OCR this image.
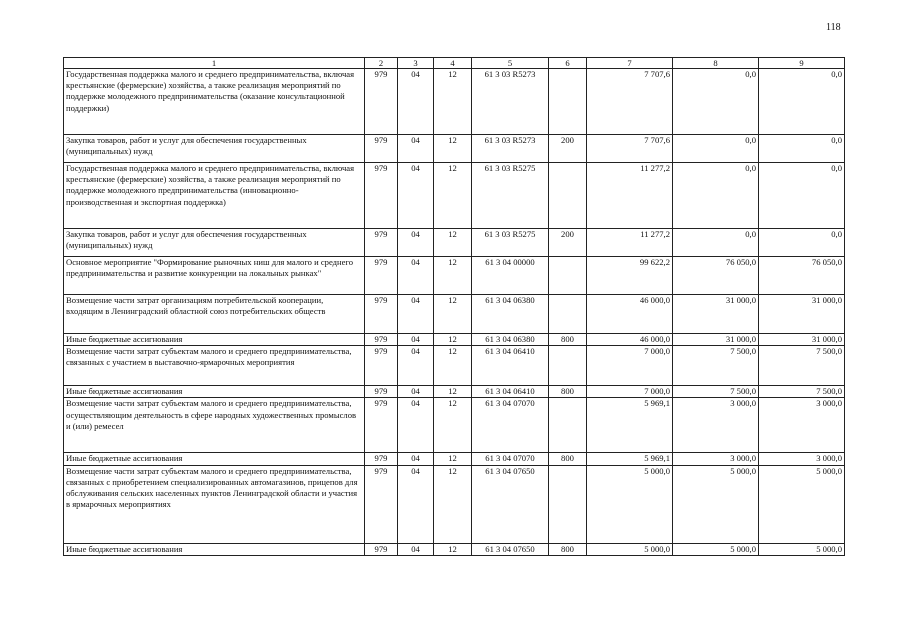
118
1	2	3	4	5	6	7	8	9
Государственная поддержка малого и среднего предпринимательства, включая крестьянские (фермерские) хозяйства, а также реализация мероприятий по поддержке молодежного предпринимательства (оказание консультационной поддержки)	979	04	12	61 3 03 R5273		7 707,6	0,0	0,0
Закупка товаров, работ и услуг для обеспечения государственных (муниципальных) нужд	979	04	12	61 3 03 R5273	200	7 707,6	0,0	0,0
Государственная поддержка малого и среднего предпринимательства, включая крестьянские (фермерские) хозяйства, а также реализация мероприятий по поддержке молодежного предпринимательства (инновационно-производственная и экспортная поддержка)	979	04	12	61 3 03 R5275		11 277,2	0,0	0,0
Закупка товаров, работ и услуг для обеспечения государственных (муниципальных) нужд	979	04	12	61 3 03 R5275	200	11 277,2	0,0	0,0
Основное мероприятие "Формирование рыночных ниш для малого и среднего предпринимательства и развитие конкуренции на локальных рынках"	979	04	12	61 3 04 00000		99 622,2	76 050,0	76 050,0
Возмещение части затрат организациям потребительской кооперации, входящим в Ленинградский областной союз потребительских обществ	979	04	12	61 3 04 06380		46 000,0	31 000,0	31 000,0
Иные бюджетные ассигнования	979	04	12	61 3 04 06380	800	46 000,0	31 000,0	31 000,0
Возмещение части затрат субъектам малого и среднего предпринимательства, связанных с участием в выставочно-ярмарочных мероприятия	979	04	12	61 3 04 06410		7 000,0	7 500,0	7 500,0
Иные бюджетные ассигнования	979	04	12	61 3 04 06410	800	7 000,0	7 500,0	7 500,0
Возмещение части затрат субъектам малого и среднего предпринимательства, осуществляющим деятельность в сфере народных художественных промыслов и (или) ремесел	979	04	12	61 3 04 07070		5 969,1	3 000,0	3 000,0
Иные бюджетные ассигнования	979	04	12	61 3 04 07070	800	5 969,1	3 000,0	3 000,0
Возмещение части затрат субъектам малого и среднего предпринимательства, связанных с приобретением специализированных автомагазинов, прицепов для обслуживания сельских населенных пунктов Ленинградской области и участия в ярмарочных мероприятиях	979	04	12	61 3 04 07650		5 000,0	5 000,0	5 000,0
Иные бюджетные ассигнования	979	04	12	61 3 04 07650	800	5 000,0	5 000,0	5 000,0
